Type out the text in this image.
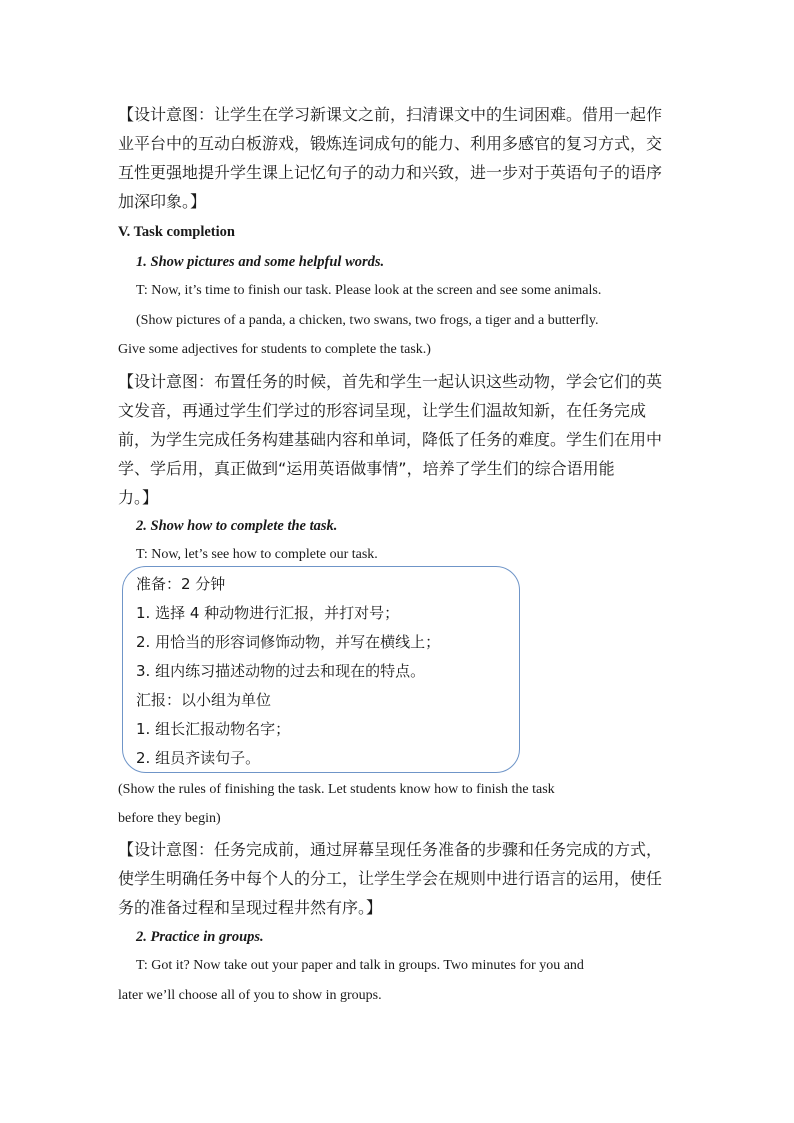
【设计意图：让学生在学习新课文之前，扫清课文中的生词困难。借用一起作
业平台中的互动白板游戏，锻炼连词成句的能力、利用多感官的复习方式，交
互性更强地提升学生课上记忆句子的动力和兴致，进一步对于英语句子的语序
加深印象。】
V. Task completion
1. Show pictures and some helpful words.
T: Now, it’s time to finish our task. Please look at the screen and see some animals.
(Show pictures of a panda, a chicken, two swans, two frogs, a tiger and a butterfly.
Give some adjectives for students to complete the task.)
【设计意图：布置任务的时候，首先和学生一起认识这些动物，学会它们的英
文发音，再通过学生们学过的形容词呈现，让学生们温故知新，在任务完成
前，为学生完成任务构建基础内容和单词，降低了任务的难度。学生们在用中
学、学后用，真正做到“运用英语做事情”，培养了学生们的综合语用能
力。】
2. Show how to complete the task.
T: Now, let’s see how to complete our task.
准备：2 分钟
1. 选择 4 种动物进行汇报，并打对号；
2. 用恰当的形容词修饰动物，并写在横线上；
3. 组内练习描述动物的过去和现在的特点。
汇报：以小组为单位
1. 组长汇报动物名字；
2. 组员齐读句子。
(Show the rules of finishing the task. Let students know how to finish the task
before they begin)
【设计意图：任务完成前，通过屏幕呈现任务准备的步骤和任务完成的方式，
使学生明确任务中每个人的分工，让学生学会在规则中进行语言的运用，使任
务的准备过程和呈现过程井然有序。】
2. Practice in groups.
T: Got it? Now take out your paper and talk in groups. Two minutes for you and
later we’ll choose all of you to show in groups.
